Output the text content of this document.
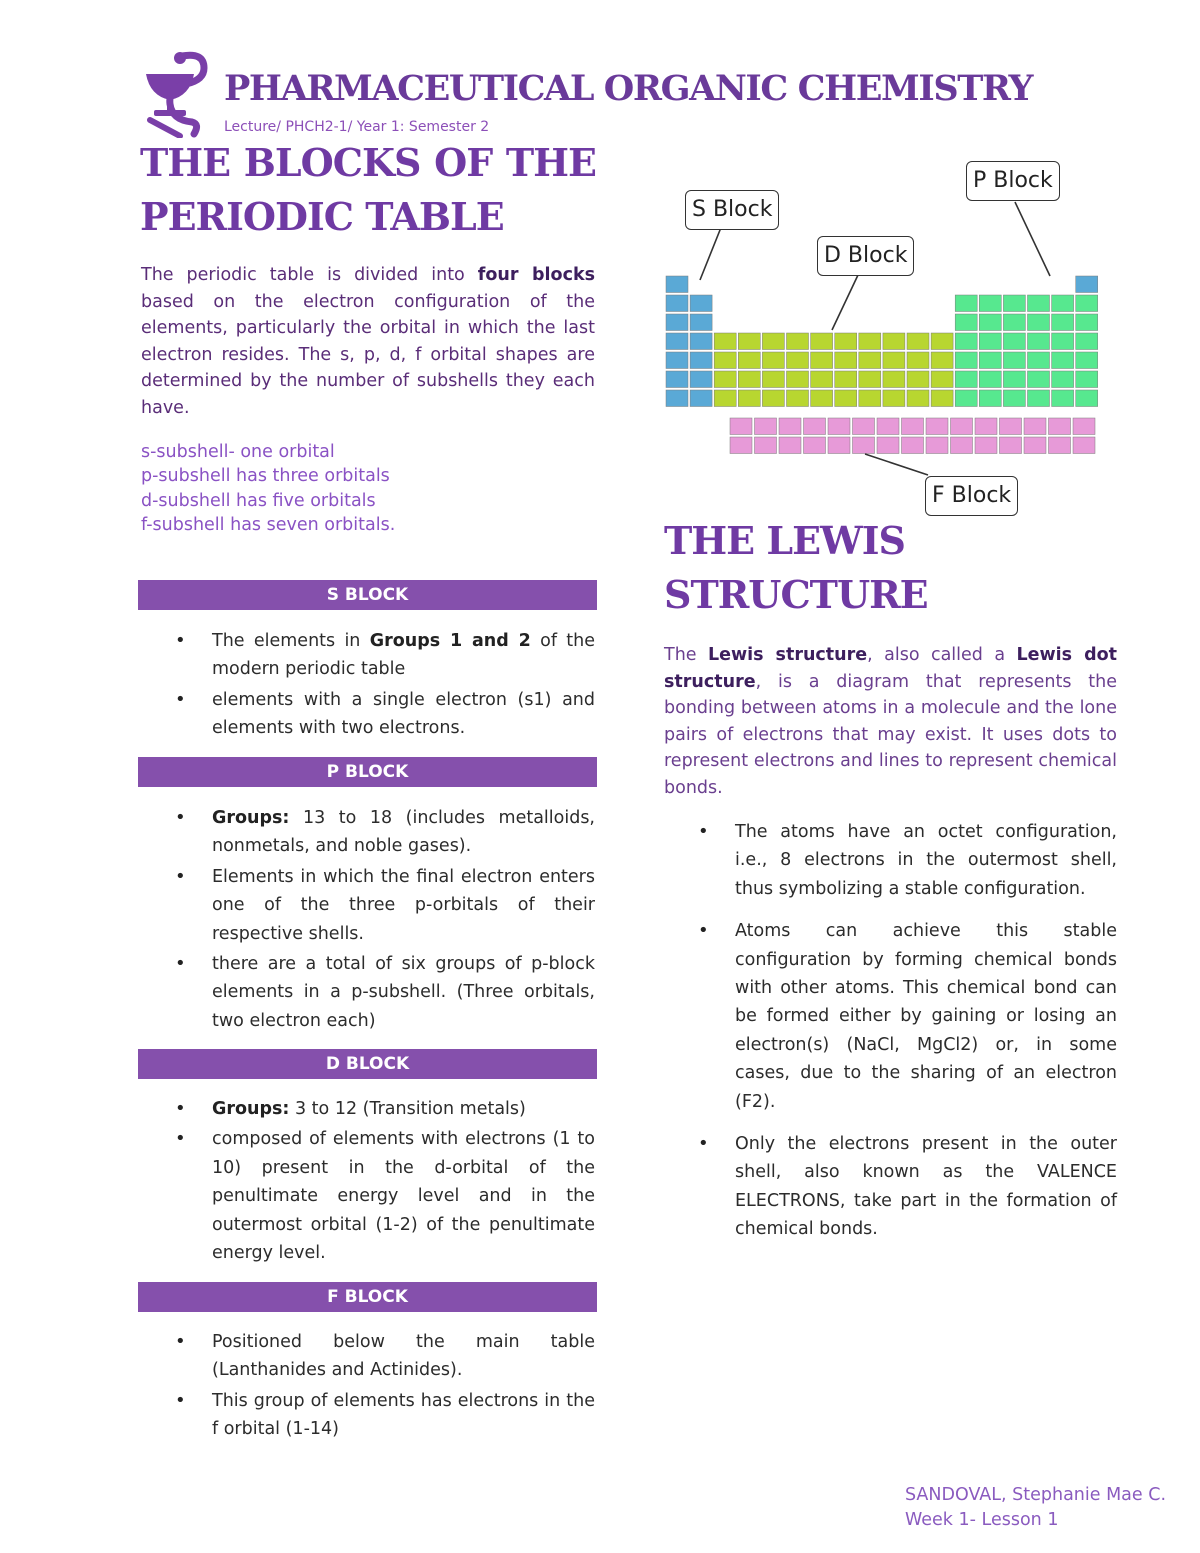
PHARMACEUTICAL ORGANIC CHEMISTRY
Lecture/ PHCH2-1/ Year 1: Semester 2
THE BLOCKS OF THE
PERIODIC TABLE

The periodic table is divided into four blocks based on the electron configuration of the elements, particularly the orbital in which the last electron resides. The s, p, d, f orbital shapes are determined by the number of subshells they each have.

s-subshell- one orbital
p-subshell has three orbitals
d-subshell has five orbitals
f-subshell has seven orbitals.
S BLOCK
• The elements in Groups 1 and 2 of the modern periodic table
• elements with a single electron (s1) and elements with two electrons.
P BLOCK
• Groups: 13 to 18 (includes metalloids, nonmetals, and noble gases).
• Elements in which the final electron enters one of the three p-orbitals of their respective shells.
• there are a total of six groups of p-block elements in a p-subshell. (Three orbitals, two electron each)
D BLOCK
• Groups: 3 to 12 (Transition metals)
• composed of elements with electrons (1 to 10) present in the d-orbital of the penultimate energy level and in the outermost orbital (1-2) of the penultimate energy level.
F BLOCK
• Positioned below the main table (Lanthanides and Actinides).
• This group of elements has electrons in the f orbital (1-14)
S Block
D Block
P Block
F Block
THE LEWIS
STRUCTURE

The Lewis structure, also called a Lewis dot structure, is a diagram that represents the bonding between atoms in a molecule and the lone pairs of electrons that may exist. It uses dots to represent electrons and lines to represent chemical bonds.

• The atoms have an octet configuration, i.e., 8 electrons in the outermost shell, thus symbolizing a stable configuration.
• Atoms can achieve this stable configuration by forming chemical bonds with other atoms. This chemical bond can be formed either by gaining or losing an electron(s) (NaCl, MgCl2) or, in some cases, due to the sharing of an electron (F2).
• Only the electrons present in the outer shell, also known as the VALENCE ELECTRONS, take part in the formation of chemical bonds.
SANDOVAL, Stephanie Mae C.
Week 1- Lesson 1
